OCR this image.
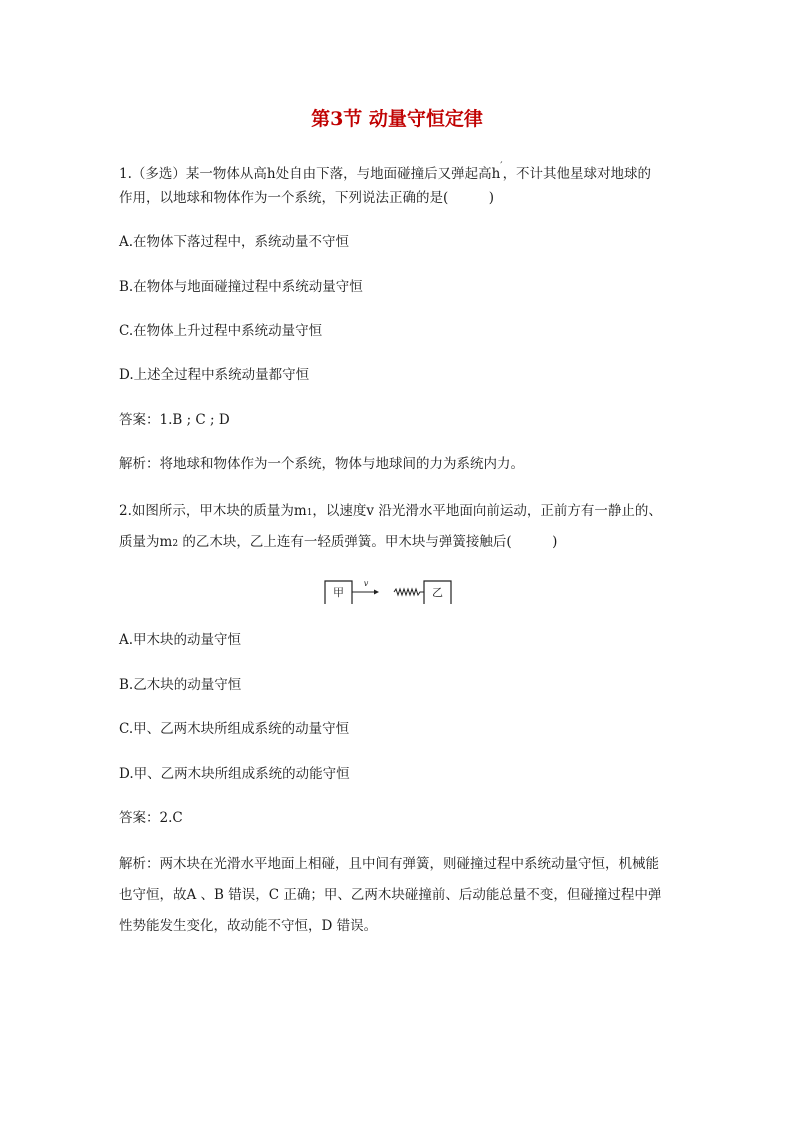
第3节 动量守恒定律
1.（多选）某一物体从高h处自由下落，与地面碰撞后又弹起高h′，不计其他星球对地球的
作用，以地球和物体作为一个系统，下列说法正确的是(　　　)
A.在物体下落过程中，系统动量不守恒
B.在物体与地面碰撞过程中系统动量守恒
C.在物体上升过程中系统动量守恒
D.上述全过程中系统动量都守恒
答案：1.B ; C ; D
解析：将地球和物体作为一个系统，物体与地球间的力为系统内力。
2.如图所示，甲木块的质量为m1，以速度v 沿光滑水平地面向前运动，正前方有一静止的、
质量为m2 的乙木块，乙上连有一轻质弹簧。甲木块与弹簧接触后(　　　)
甲
v
乙
A.甲木块的动量守恒
B.乙木块的动量守恒
C.甲、乙两木块所组成系统的动量守恒
D.甲、乙两木块所组成系统的动能守恒
答案：2.C
解析：两木块在光滑水平地面上相碰，且中间有弹簧，则碰撞过程中系统动量守恒，机械能
也守恒，故A 、B 错误，C 正确；甲、乙两木块碰撞前、后动能总量不变，但碰撞过程中弹
性势能发生变化，故动能不守恒，D 错误。
